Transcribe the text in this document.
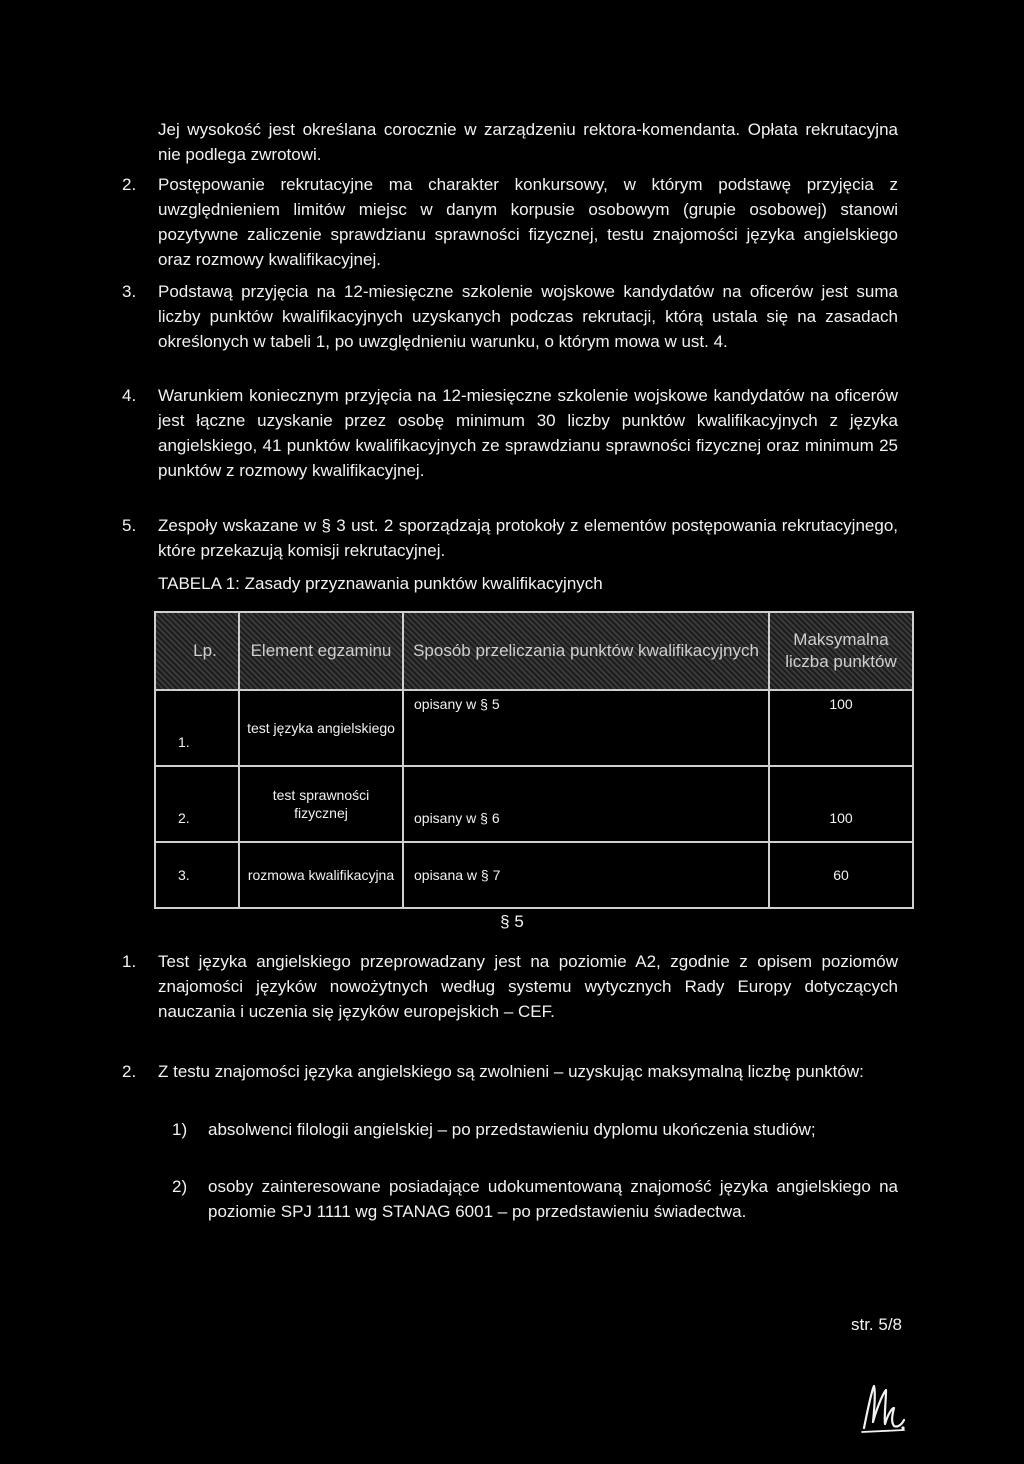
Jej wysokość jest określana corocznie w zarządzeniu rektora-komendanta. Opłata rekrutacyjna nie podlega zwrotowi.
2.	Postępowanie rekrutacyjne ma charakter konkursowy, w którym podstawę przyjęcia z uwzględnieniem limitów miejsc w danym korpusie osobowym (grupie osobowej) stanowi pozytywne zaliczenie sprawdzianu sprawności fizycznej, testu znajomości języka angielskiego oraz rozmowy kwalifikacyjnej.
3.	Podstawą przyjęcia na 12-miesięczne szkolenie wojskowe kandydatów na oficerów jest suma liczby punktów kwalifikacyjnych uzyskanych podczas rekrutacji, którą ustala się na zasadach określonych w tabeli 1, po uwzględnieniu warunku, o którym mowa w ust. 4.
4.	Warunkiem koniecznym przyjęcia na 12-miesięczne szkolenie wojskowe kandydatów na oficerów jest łączne uzyskanie przez osobę minimum 30 liczby punktów kwalifikacyjnych z języka angielskiego, 41 punktów kwalifikacyjnych ze sprawdzianu sprawności fizycznej oraz minimum 25 punktów z rozmowy kwalifikacyjnej.
5.	Zespoły wskazane w § 3 ust. 2 sporządzają protokoły z elementów postępowania rekrutacyjnego, które przekazują komisji rekrutacyjnej.
TABELA 1: Zasady przyznawania punktów kwalifikacyjnych
Lp.	Element egzaminu	Sposób przeliczania punktów kwalifikacyjnych	Maksymalna liczba punktów
1.	test języka angielskiego	opisany w § 5	100
2.	test sprawności fizycznej	opisany w § 6	100
3.	rozmowa kwalifikacyjna	opisana w § 7	60
§ 5
1.	Test języka angielskiego przeprowadzany jest na poziomie A2, zgodnie z opisem poziomów znajomości języków nowożytnych według systemu wytycznych Rady Europy dotyczących nauczania i uczenia się języków europejskich – CEF.
2.	Z testu znajomości języka angielskiego są zwolnieni – uzyskując maksymalną liczbę punktów:
1)	absolwenci filologii angielskiej – po przedstawieniu dyplomu ukończenia studiów;
2)	osoby zainteresowane posiadające udokumentowaną znajomość języka angielskiego na poziomie SPJ 1111 wg STANAG 6001 – po przedstawieniu świadectwa.
str. 5/8
